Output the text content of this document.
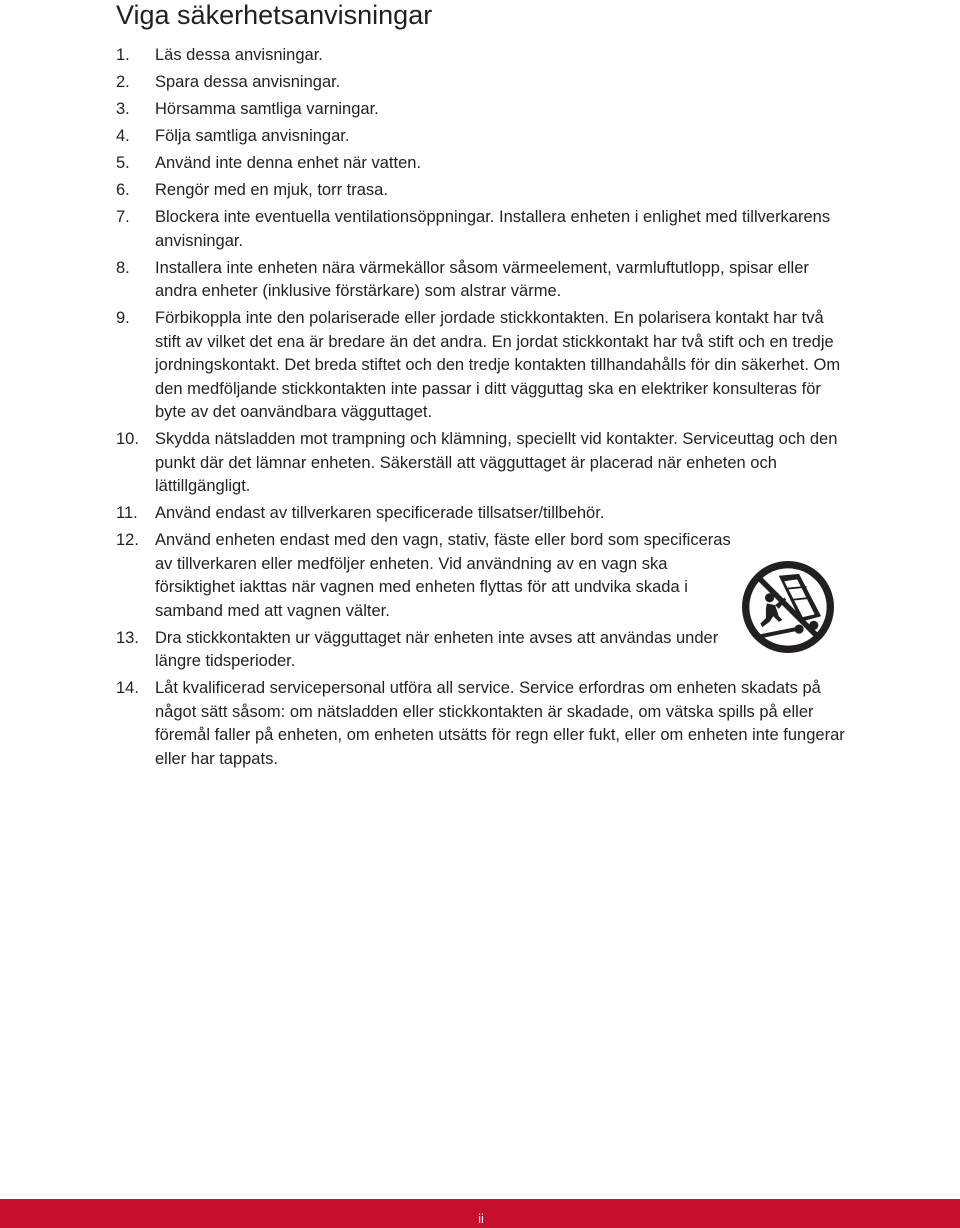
Viga säkerhetsanvisningar
1. Läs dessa anvisningar.
2. Spara dessa anvisningar.
3. Hörsamma samtliga varningar.
4. Följa samtliga anvisningar.
5. Använd inte denna enhet när vatten.
6. Rengör med en mjuk, torr trasa.
7. Blockera inte eventuella ventilationsöppningar. Installera enheten i enlighet med tillverkarens anvisningar.
8. Installera inte enheten nära värmekällor såsom värmeelement, varmluftutlopp, spisar eller andra enheter (inklusive förstärkare) som alstrar värme.
9. Förbikoppla inte den polariserade eller jordade stickkontakten. En polarisera kontakt har två stift av vilket det ena är bredare än det andra. En jordat stickkontakt har två stift och en tredje jordningskontakt. Det breda stiftet och den tredje kontakten tillhandahålls för din säkerhet. Om den medföljande stickkontakten inte passar i ditt vägguttag ska en elektriker konsulteras för byte av det oanvändbara vägguttaget.
10. Skydda nätsladden mot trampning och klämning, speciellt vid kontakter. Serviceuttag och den punkt där det lämnar enheten. Säkerställ att vägguttaget är placerad när enheten och lättillgängligt.
11. Använd endast av tillverkaren specificerade tillsatser/tillbehör.
12. Använd enheten endast med den vagn, stativ, fäste eller bord som specificeras av tillverkaren eller medföljer enheten. Vid användning av en vagn ska försiktighet iakttas när vagnen med enheten flyttas för att undvika skada i samband med att vagnen välter.
13. Dra stickkontakten ur vägguttaget när enheten inte avses att användas under längre tidsperioder.
14. Låt kvalificerad servicepersonal utföra all service. Service erfordras om enheten skadats på något sätt såsom: om nätsladden eller stickkontakten är skadade, om vätska spills på eller föremål faller på enheten, om enheten utsätts för regn eller fukt, eller om enheten inte fungerar eller har tappats.
ii
